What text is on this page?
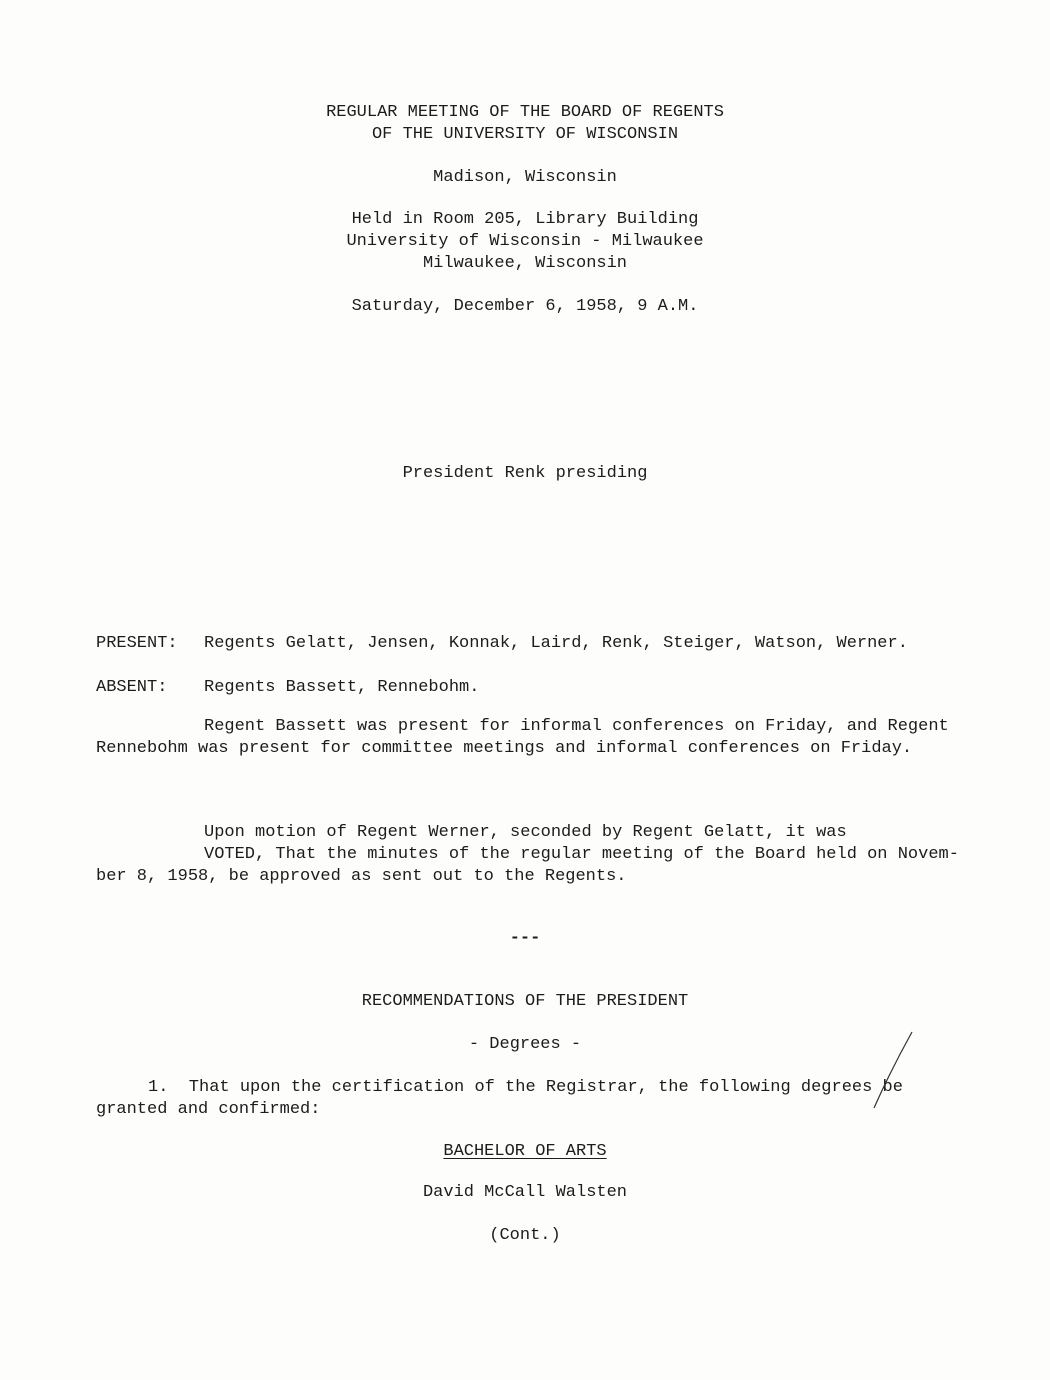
REGULAR MEETING OF THE BOARD OF REGENTS
OF THE UNIVERSITY OF WISCONSIN
Madison, Wisconsin
Held in Room 205, Library Building
University of Wisconsin - Milwaukee
Milwaukee, Wisconsin
Saturday, December 6, 1958, 9 A.M.
President Renk presiding
PRESENT: Regents Gelatt, Jensen, Konnak, Laird, Renk, Steiger, Watson, Werner.
ABSENT: Regents Bassett, Rennebohm.
Regent Bassett was present for informal conferences on Friday, and Regent
Rennebohm was present for committee meetings and informal conferences on Friday.
Upon motion of Regent Werner, seconded by Regent Gelatt, it was
VOTED, That the minutes of the regular meeting of the Board held on Novem-
ber 8, 1958, be approved as sent out to the Regents.
---
RECOMMENDATIONS OF THE PRESIDENT
- Degrees -
1.  That upon the certification of the Registrar, the following degrees be
granted and confirmed:
BACHELOR OF ARTS
David McCall Walsten
(Cont.)
